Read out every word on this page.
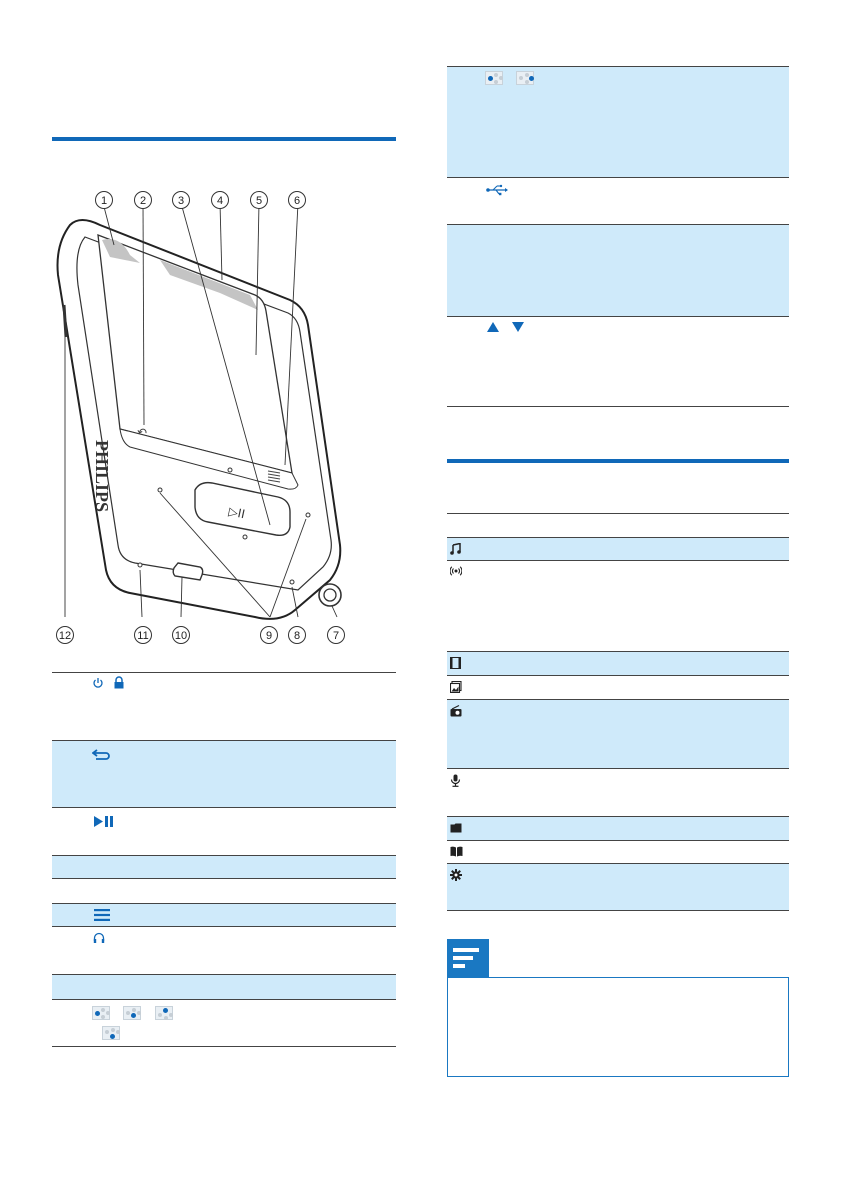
↶
PHILIPS
▷II
1	2	3	4	5	6
12	11 10	9	8	7
